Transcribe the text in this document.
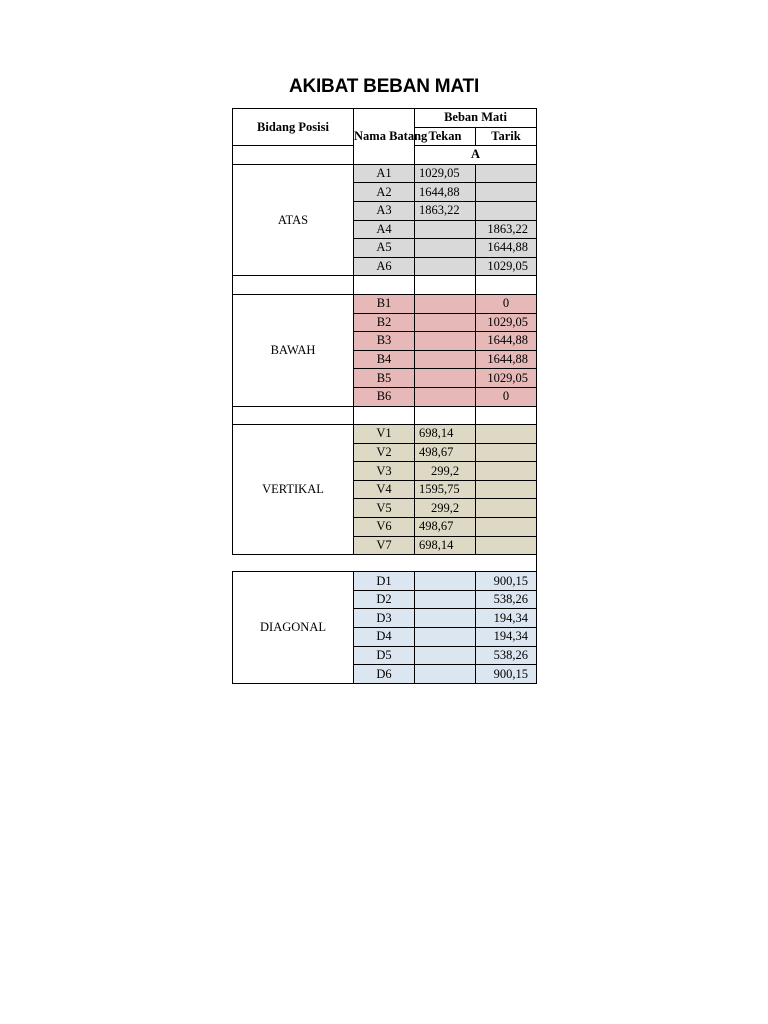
AKIBAT BEBAN MATI
Bidang Posisi	Nama Batang	Beban Mati	
		Tekan	Tarik
		A	
ATAS	A1	1029,05	
	A2	1644,88	
	A3	1863,22	
	A4		1863,22
	A5		1644,88
	A6		1029,05

BAWAH	B1		0
	B2		1029,05
	B3		1644,88
	B4		1644,88
	B5		1029,05
	B6		0

VERTIKAL	V1	698,14	
	V2	498,67	
	V3	299,2	
	V4	1595,75	
	V5	299,2	
	V6	498,67	
	V7	698,14	

DIAGONAL	D1		900,15
	D2		538,26
	D3		194,34
	D4		194,34
	D5		538,26
	D6		900,15
